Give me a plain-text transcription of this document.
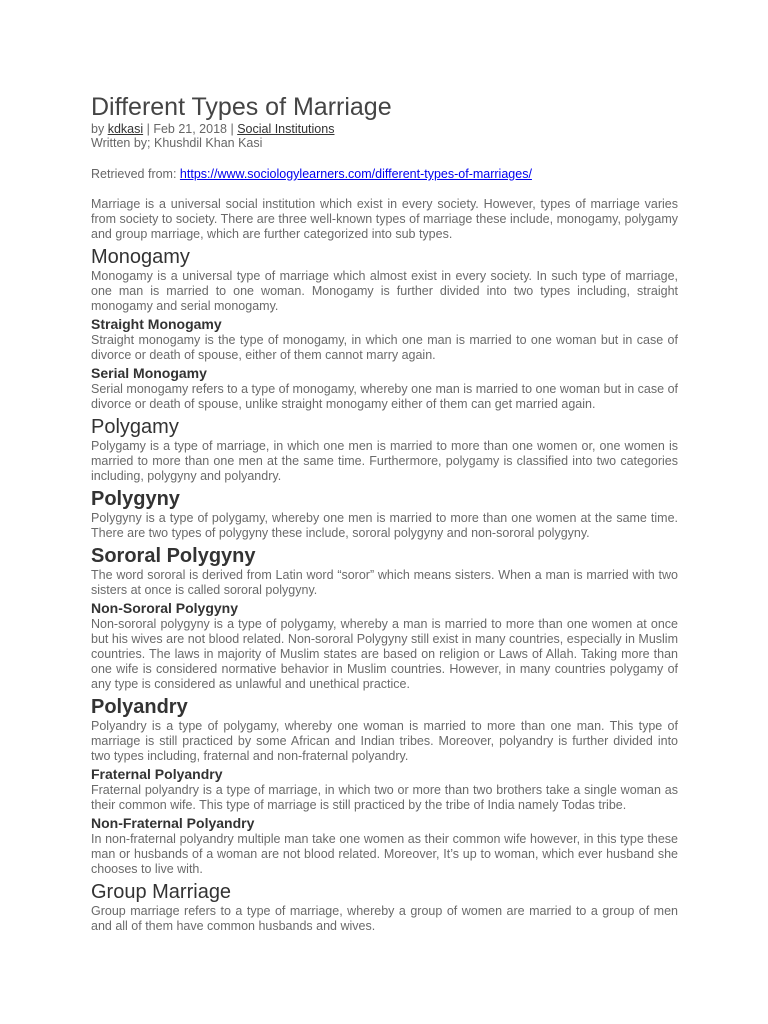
Different Types of Marriage
by kdkasi | Feb 21, 2018 | Social Institutions
Written by; Khushdil Khan Kasi
Retrieved from: https://www.sociologylearners.com/different-types-of-marriages/

Marriage is a universal social institution which exist in every society. However, types of marriage varies from society to society. There are three well-known types of marriage these include, monogamy, polygamy and group marriage, which are further categorized into sub types.

Monogamy

Monogamy is a universal type of marriage which almost exist in every society. In such type of marriage, one man is married to one woman. Monogamy is further divided into two types including, straight monogamy and serial monogamy.

Straight Monogamy

Straight monogamy is the type of monogamy, in which one man is married to one woman but in case of divorce or death of spouse, either of them cannot marry again.

Serial Monogamy

Serial monogamy refers to a type of monogamy, whereby one man is married to one woman but in case of divorce or death of spouse, unlike straight monogamy either of them can get married again.

Polygamy

Polygamy is a type of marriage, in which one men is married to more than one women or, one women is married to more than one men at the same time. Furthermore, polygamy is classified into two categories including, polygyny and polyandry.

Polygyny

Polygyny is a type of polygamy, whereby one men is married to more than one women at the same time. There are two types of polygyny these include, sororal polygyny and non-sororal polygyny.

Sororal Polygyny

The word sororal is derived from Latin word “soror” which means sisters. When a man is married with two sisters at once is called sororal polygyny.

Non-Sororal Polygyny

Non-sororal polygyny is a type of polygamy, whereby a man is married to more than one women at once but his wives are not blood related. Non-sororal Polygyny still exist in many countries, especially in Muslim countries. The laws in majority of Muslim states are based on religion or Laws of Allah. Taking more than one wife is considered normative behavior in Muslim countries. However, in many countries polygamy of any type is considered as unlawful and unethical practice.

Polyandry

Polyandry is a type of polygamy, whereby one woman is married to more than one man. This type of marriage is still practiced by some African and Indian tribes. Moreover, polyandry is further divided into two types including, fraternal and non-fraternal polyandry.

Fraternal Polyandry

Fraternal polyandry is a type of marriage, in which two or more than two brothers take a single woman as their common wife. This type of marriage is still practiced by the tribe of India namely Todas tribe.

Non-Fraternal Polyandry

In non-fraternal polyandry multiple man take one women as their common wife however, in this type these man or husbands of a woman are not blood related. Moreover, It’s up to woman, which ever husband she chooses to live with.

Group Marriage

Group marriage refers to a type of marriage, whereby a group of women are married to a group of men and all of them have common husbands and wives.
